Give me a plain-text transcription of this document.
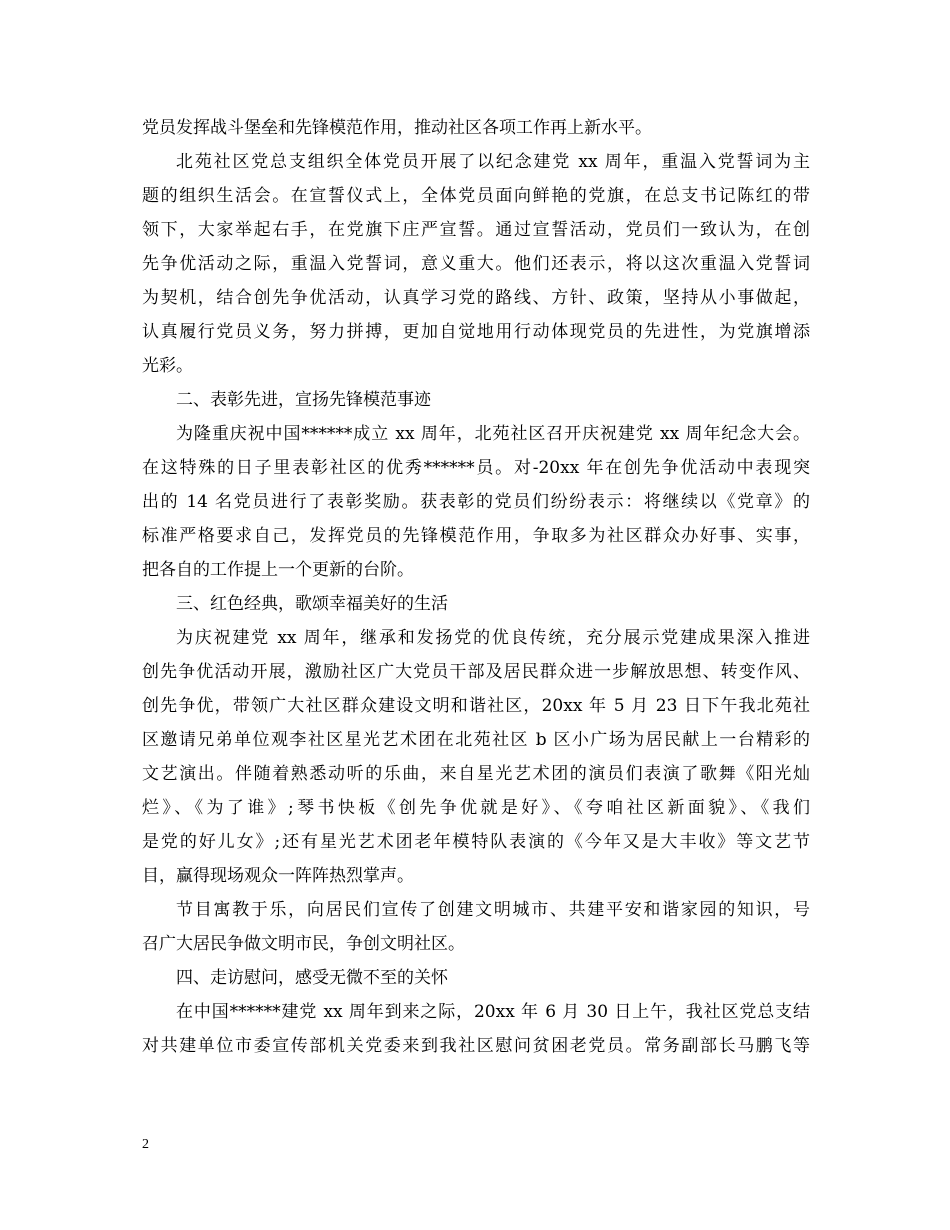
党员发挥战斗堡垒和先锋模范作用，推动社区各项工作再上新水平。
北苑社区党总支组织全体党员开展了以纪念建党 xx 周年，重温入党誓词为主
题的组织生活会。在宣誓仪式上，全体党员面向鲜艳的党旗，在总支书记陈红的带
领下，大家举起右手，在党旗下庄严宣誓。通过宣誓活动，党员们一致认为，在创
先争优活动之际，重温入党誓词，意义重大。他们还表示，将以这次重温入党誓词
为契机，结合创先争优活动，认真学习党的路线、方针、政策，坚持从小事做起，
认真履行党员义务，努力拼搏，更加自觉地用行动体现党员的先进性，为党旗增添
光彩。
二、表彰先进，宣扬先锋模范事迹
为隆重庆祝中国******成立 xx 周年，北苑社区召开庆祝建党 xx 周年纪念大会。
在这特殊的日子里表彰社区的优秀******员。对-20xx 年在创先争优活动中表现突
出的 14 名党员进行了表彰奖励。获表彰的党员们纷纷表示：将继续以《党章》的
标准严格要求自己，发挥党员的先锋模范作用，争取多为社区群众办好事、实事，
把各自的工作提上一个更新的台阶。
三、红色经典，歌颂幸福美好的生活
为庆祝建党 xx 周年，继承和发扬党的优良传统，充分展示党建成果深入推进
创先争优活动开展，激励社区广大党员干部及居民群众进一步解放思想、转变作风、
创先争优，带领广大社区群众建设文明和谐社区，20xx 年 5 月 23 日下午我北苑社
区邀请兄弟单位观李社区星光艺术团在北苑社区 b 区小广场为居民献上一台精彩的
文艺演出。伴随着熟悉动听的乐曲，来自星光艺术团的演员们表演了歌舞《阳光灿
烂》、《为了谁》;琴书快板《创先争优就是好》、《夸咱社区新面貌》、《我们
是党的好儿女》;还有星光艺术团老年模特队表演的《今年又是大丰收》等文艺节
目，赢得现场观众一阵阵热烈掌声。
节目寓教于乐，向居民们宣传了创建文明城市、共建平安和谐家园的知识，号
召广大居民争做文明市民，争创文明社区。
四、走访慰问，感受无微不至的关怀
在中国******建党 xx 周年到来之际，20xx 年 6 月 30 日上午，我社区党总支结
对共建单位市委宣传部机关党委来到我社区慰问贫困老党员。常务副部长马鹏飞等
2
